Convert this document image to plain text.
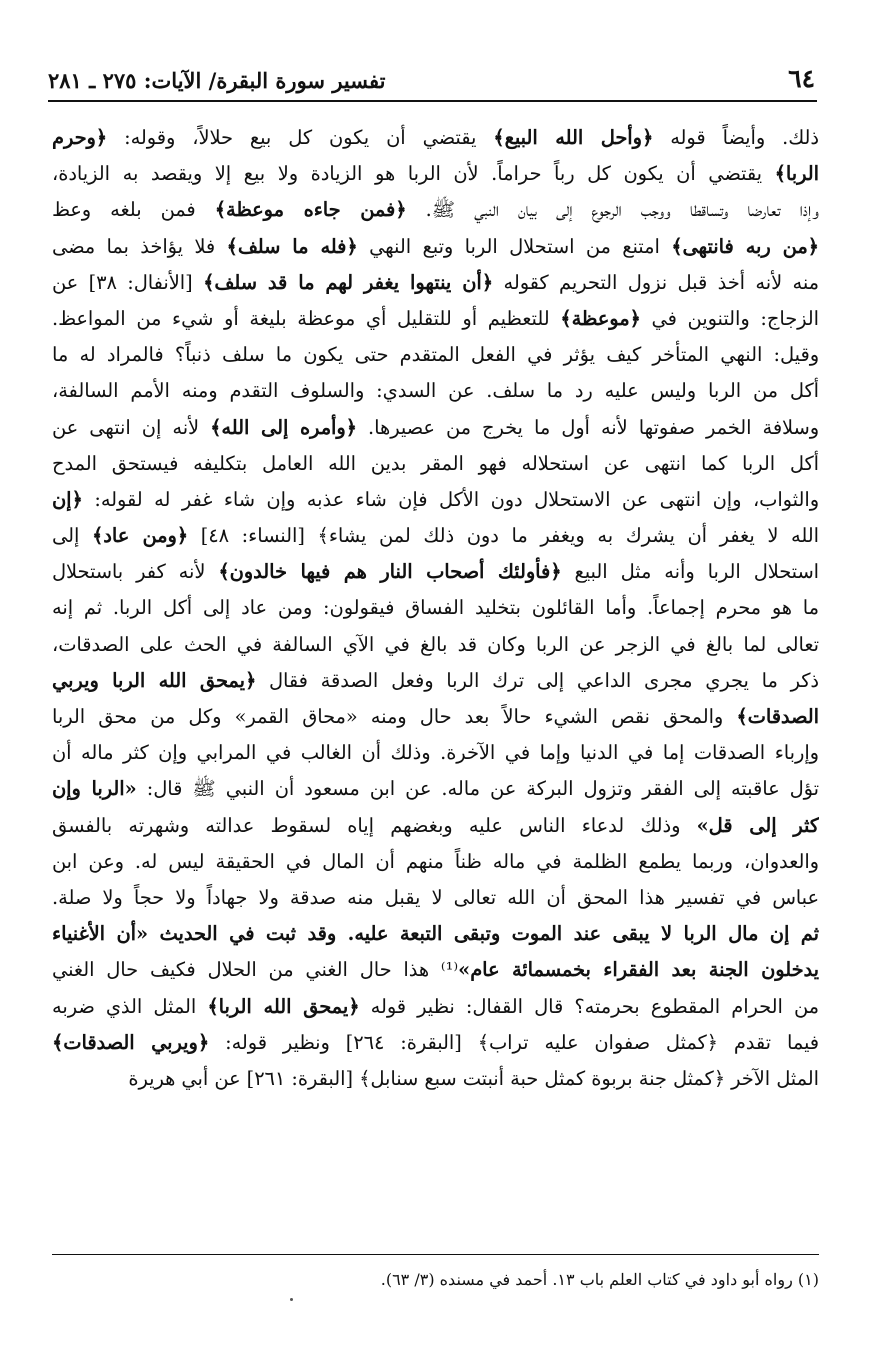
٦٤
تفسير سورة البقرة/ الآيات: ٢٧٥ ـ ٢٨١
ذلك. وأيضاً قوله ﴿وأحل الله البيع﴾ يقتضي أن يكون كل بيع حلالاً، وقوله: ﴿وحرم
الربا﴾ يقتضي أن يكون كل رباً حراماً. لأن الربا هو الزيادة ولا بيع إلا ويقصد به الزيادة،
وإذا تعارضا وتساقطا ووجب الرجوع إلى بيان النبي ﷺ. ﴿فمن جاءه موعظة﴾ فمن بلغه وعظ
﴿من ربه فانتهى﴾ امتنع من استحلال الربا وتبع النهي ﴿فله ما سلف﴾ فلا يؤاخذ بما مضى
منه لأنه أخذ قبل نزول التحريم كقوله ﴿أن ينتهوا يغفر لهم ما قد سلف﴾ [الأنفال: ٣٨] عن
الزجاج: والتنوين في ﴿موعظة﴾ للتعظيم أو للتقليل أي موعظة بليغة أو شيء من المواعظ.
وقيل: النهي المتأخر كيف يؤثر في الفعل المتقدم حتى يكون ما سلف ذنباً؟ فالمراد له ما
أكل من الربا وليس عليه رد ما سلف. عن السدي: والسلوف التقدم ومنه الأمم السالفة،
وسلافة الخمر صفوتها لأنه أول ما يخرج من عصيرها. ﴿وأمره إلى الله﴾ لأنه إن انتهى عن
أكل الربا كما انتهى عن استحلاله فهو المقر بدين الله العامل بتكليفه فيستحق المدح
والثواب، وإن انتهى عن الاستحلال دون الأكل فإن شاء عذبه وإن شاء غفر له لقوله: ﴿إن
الله لا يغفر أن يشرك به ويغفر ما دون ذلك لمن يشاء﴾ [النساء: ٤٨] ﴿ومن عاد﴾ إلى
استحلال الربا وأنه مثل البيع ﴿فأولئك أصحاب النار هم فيها خالدون﴾ لأنه كفر باستحلال
ما هو محرم إجماعاً. وأما القائلون بتخليد الفساق فيقولون: ومن عاد إلى أكل الربا. ثم إنه
تعالى لما بالغ في الزجر عن الربا وكان قد بالغ في الآي السالفة في الحث على الصدقات،
ذكر ما يجري مجرى الداعي إلى ترك الربا وفعل الصدقة فقال ﴿يمحق الله الربا ويربي
الصدقات﴾ والمحق نقص الشيء حالاً بعد حال ومنه «محاق القمر» وكل من محق الربا
وإرباء الصدقات إما في الدنيا وإما في الآخرة. وذلك أن الغالب في المرابي وإن كثر ماله أن
تؤل عاقبته إلى الفقر وتزول البركة عن ماله. عن ابن مسعود أن النبي ﷺ قال: «الربا وإن
كثر إلى قل» وذلك لدعاء الناس عليه وبغضهم إياه لسقوط عدالته وشهرته بالفسق
والعدوان، وربما يطمع الظلمة في ماله ظناً منهم أن المال في الحقيقة ليس له. وعن ابن
عباس في تفسير هذا المحق أن الله تعالى لا يقبل منه صدقة ولا جهاداً ولا حجاً ولا صلة.
ثم إن مال الربا لا يبقى عند الموت وتبقى التبعة عليه. وقد ثبت في الحديث «أن الأغنياء
يدخلون الجنة بعد الفقراء بخمسمائة عام»⁽¹⁾ هذا حال الغني من الحلال فكيف حال الغني
من الحرام المقطوع بحرمته؟ قال القفال: نظير قوله ﴿يمحق الله الربا﴾ المثل الذي ضربه
فيما تقدم ﴿كمثل صفوان عليه تراب﴾ [البقرة: ٢٦٤] ونظير قوله: ﴿ويربي الصدقات﴾
المثل الآخر ﴿كمثل جنة بربوة كمثل حبة أنبتت سبع سنابل﴾ [البقرة: ٢٦١] عن أبي هريرة
(١) رواه أبو داود في كتاب العلم باب ١٣. أحمد في مسنده (٣/ ٦٣).
